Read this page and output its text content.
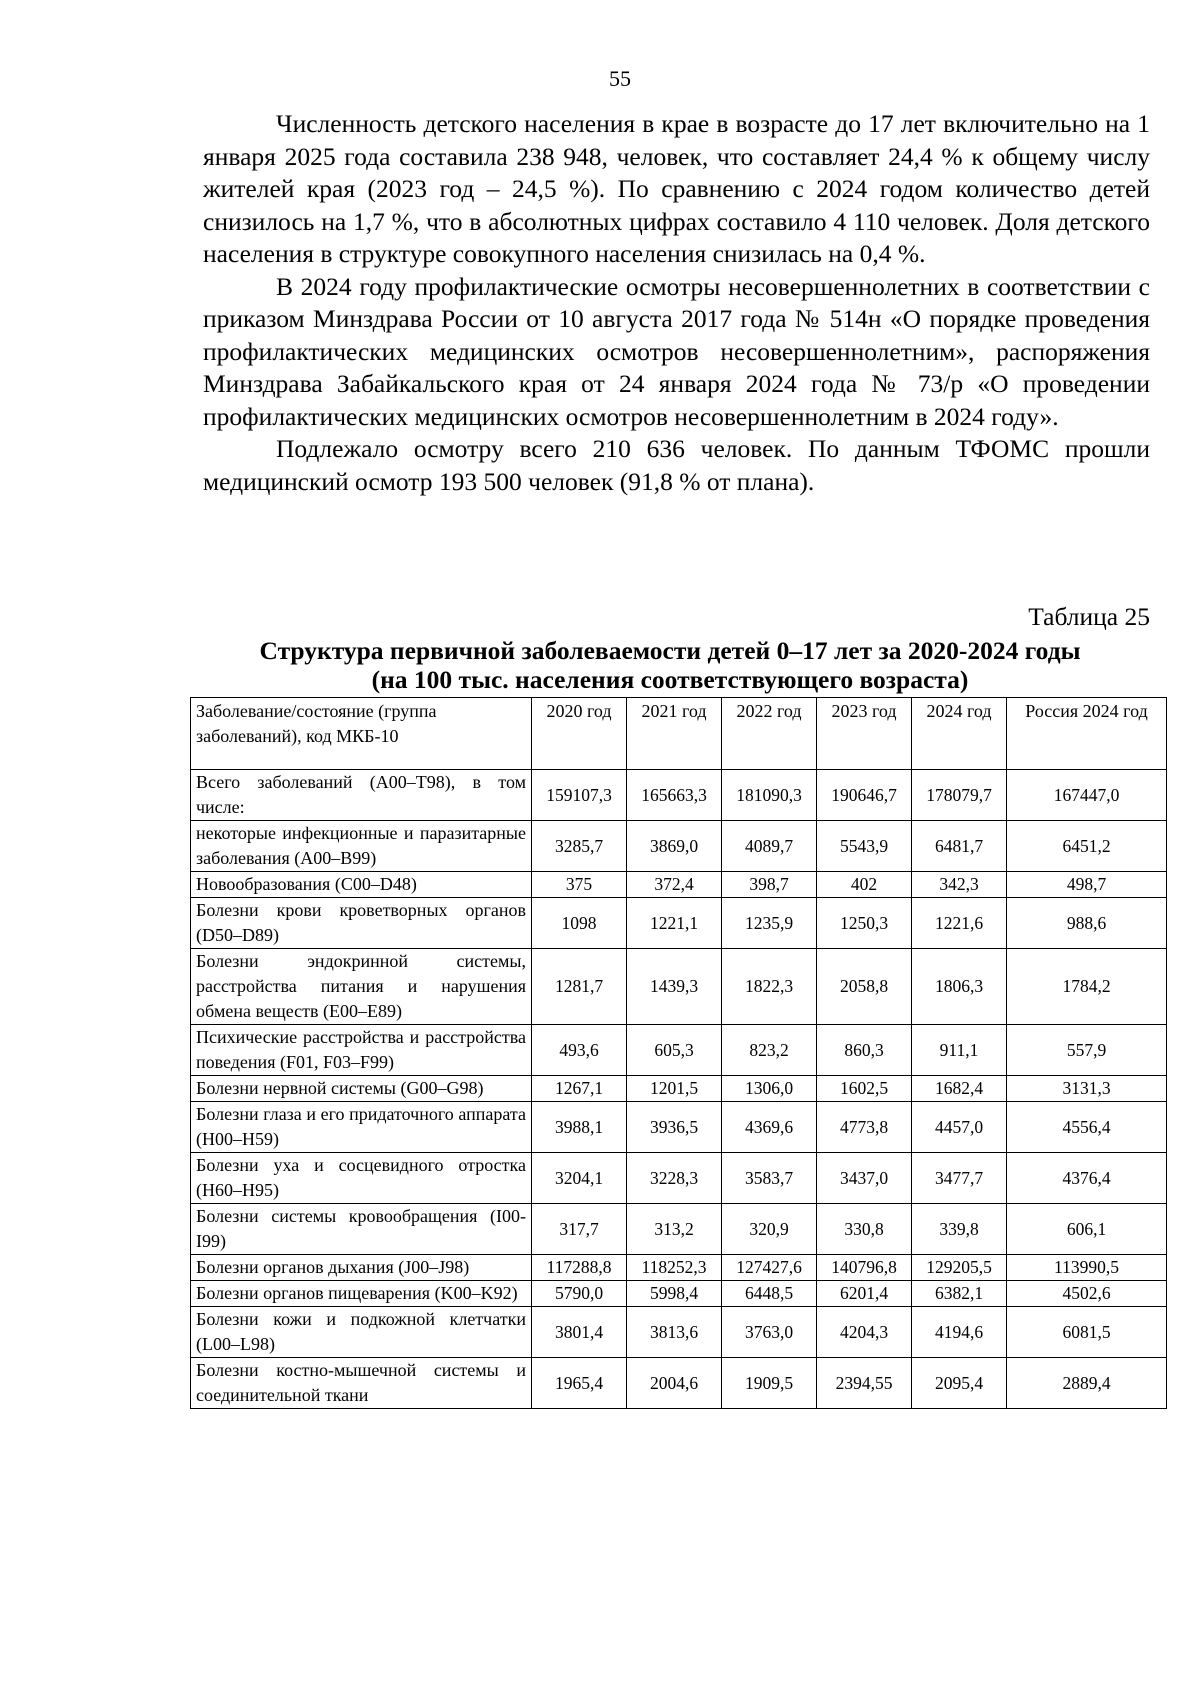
55

Численность детского населения в крае в возрасте до 17 лет включительно на 1 января 2025 года составила 238 948, человек, что составляет 24,4 % к общему числу жителей края (2023 год – 24,5 %). По сравнению с 2024 годом количество детей снизилось на 1,7 %, что в абсолютных цифрах составило 4 110 человек. Доля детского населения в структуре совокупного населения снизилась на 0,4 %.

В 2024 году профилактические осмотры несовершеннолетних в соответствии с приказом Минздрава России от 10 августа 2017 года № 514н «О порядке проведения профилактических медицинских осмотров несовершеннолетним», распоряжения Минздрава Забайкальского края от 24 января 2024 года № 73/р «О проведении профилактических медицинских осмотров несовершеннолетним в 2024 году».

Подлежало осмотру всего 210 636 человек. По данным ТФОМС прошли медицинский осмотр 193 500 человек (91,8 % от плана).

Таблица 25
Структура первичной заболеваемости детей 0–17 лет за 2020-2024 годы
(на 100 тыс. населения соответствующего возраста)
Заболевание/состояние (группа заболеваний), код МКБ-10	2020 год	2021 год	2022 год	2023 год	2024 год	Россия 2024 год
Всего заболеваний (A00–T98), в том числе:	159107,3	165663,3	181090,3	190646,7	178079,7	167447,0
некоторые инфекционные и паразитарные заболевания (A00–B99)	3285,7	3869,0	4089,7	5543,9	6481,7	6451,2
Новообразования (C00–D48)	375	372,4	398,7	402	342,3	498,7
Болезни крови кроветворных органов (D50–D89)	1098	1221,1	1235,9	1250,3	1221,6	988,6
Болезни эндокринной системы, расстройства питания и нарушения обмена веществ (E00–E89)	1281,7	1439,3	1822,3	2058,8	1806,3	1784,2
Психические расстройства и расстройства поведения (F01, F03–F99)	493,6	605,3	823,2	860,3	911,1	557,9
Болезни нервной системы (G00–G98)	1267,1	1201,5	1306,0	1602,5	1682,4	3131,3
Болезни глаза и его придаточного аппарата (H00–H59)	3988,1	3936,5	4369,6	4773,8	4457,0	4556,4
Болезни уха и сосцевидного отростка (H60–H95)	3204,1	3228,3	3583,7	3437,0	3477,7	4376,4
Болезни системы кровообращения (I00-I99)	317,7	313,2	320,9	330,8	339,8	606,1
Болезни органов дыхания (J00–J98)	117288,8	118252,3	127427,6	140796,8	129205,5	113990,5
Болезни органов пищеварения (K00–K92)	5790,0	5998,4	6448,5	6201,4	6382,1	4502,6
Болезни кожи и подкожной клетчатки (L00–L98)	3801,4	3813,6	3763,0	4204,3	4194,6	6081,5
Болезни костно-мышечной системы и соединительной ткани	1965,4	2004,6	1909,5	2394,55	2095,4	2889,4
